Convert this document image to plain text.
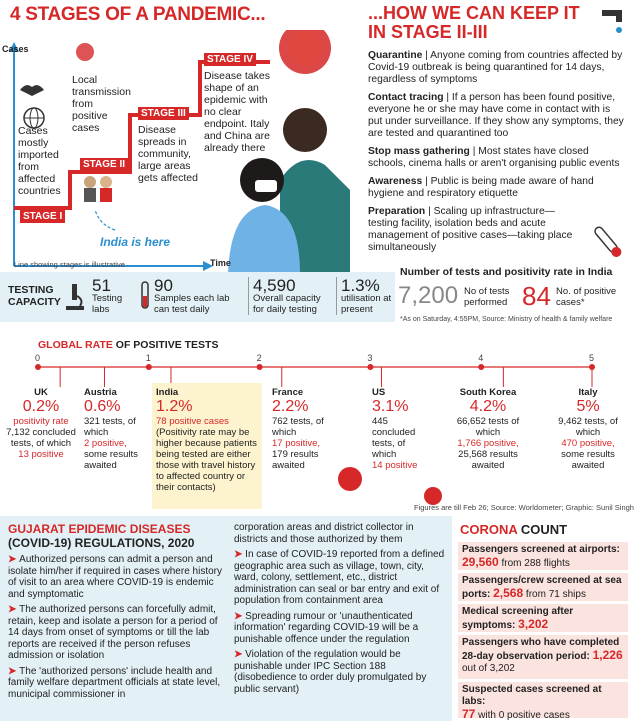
4 STAGES OF A PANDEMIC...
Cases
Time
India is here
STAGE I
Cases mostly imported from affected countries
STAGE II
Local transmission from positive cases
STAGE III
Disease spreads in community, large areas gets affected
STAGE IV
Disease takes shape of an epidemic with no clear endpoint. Italy and China are already there
Line showing stages is illustrative
...HOW WE CAN KEEP IT IN STAGE II-III

Quarantine | Anyone coming from countries affected by Covid-19 outbreak is being quarantined for 14 days, regardless of symptoms

Contact tracing | If a person has been found positive, everyone he or she may have come in contact with is put under surveillance. If they show any symptoms, they are tested and quarantined too

Stop mass gathering | Most states have closed schools, cinema halls or aren't organising public events

Awareness | Public is being made aware of hand hygiene and respiratory etiquette

Preparation | Scaling up infrastructure—testing facility, isolation beds and acute management of positive cases—taking place simultaneously

TESTING CAPACITY
51
Testing labs
90
Samples each lab can test daily
4,590
Overall capacity for daily testing
1.3%
utilisation at present
Number of tests and positivity rate in India
7,200 No of tests performed 84 No. of positive cases*
*As on Saturday, 4:55PM, Source: Ministry of health & family welfare
GLOBAL RATE OF POSITIVE TESTS
0	1	2	3	4	5
UK
0.2%
positivity rate
7,132 concluded tests, of which
13 positive
Austria
0.6%
321 tests, of which
2 positive,
some results awaited
India
1.2%
78 positive cases
(Positivity rate may be higher because patients being tested are either those with travel history to affected country or their contacts)
France
2.2%
762 tests, of which
17 positive,
179 results awaited
US
3.1%
445 concluded tests, of which
14 positive
South Korea
4.2%
66,652 tests of which
1,766 positive,
25,568 results awaited
Italy
5%
9,462 tests, of which
470 positive,
some results awaited
Figures are till Feb 26; Source: Worldometer; Graphic: Sunil Singh
GUJARAT EPIDEMIC DISEASES
(COVID-19) REGULATIONS, 2020

➤ Authorized persons can admit a person and isolate him/her if required in cases where history of visit to an area where COVID-19 is endemic and symptomatic

➤ The authorized persons can forcefully admit, retain, keep and isolate a person for a period of 14 days from onset of symptoms or till the lab reports are received if the person refuses admission or isolation

➤ The 'authorized persons' include health and family welfare department officials at state level, municipal commissioner in

corporation areas and district collector in districts and those authorized by them

➤ In case of COVID-19 reported from a defined geographic area such as village, town, city, ward, colony, settlement, etc., district administration can seal or bar entry and exit of population from containment area

➤ Spreading rumour or 'unauthenticated information' regarding COVID-19 will be a punishable offence under the regulation

➤ Violation of the regulation would be punishable under IPC Section 188 (disobedience to order duly promulgated by public servant)

CORONA COUNT
Passengers screened at airports:
29,560 from 288 flights
Passengers/crew screened at sea ports: 2,568 from 71 ships
Medical screening after symptoms: 3,202
Passengers who have completed 28-day observation period: 1,226 out of 3,202
Suspected cases screened at labs:
77 with 0 positive cases
